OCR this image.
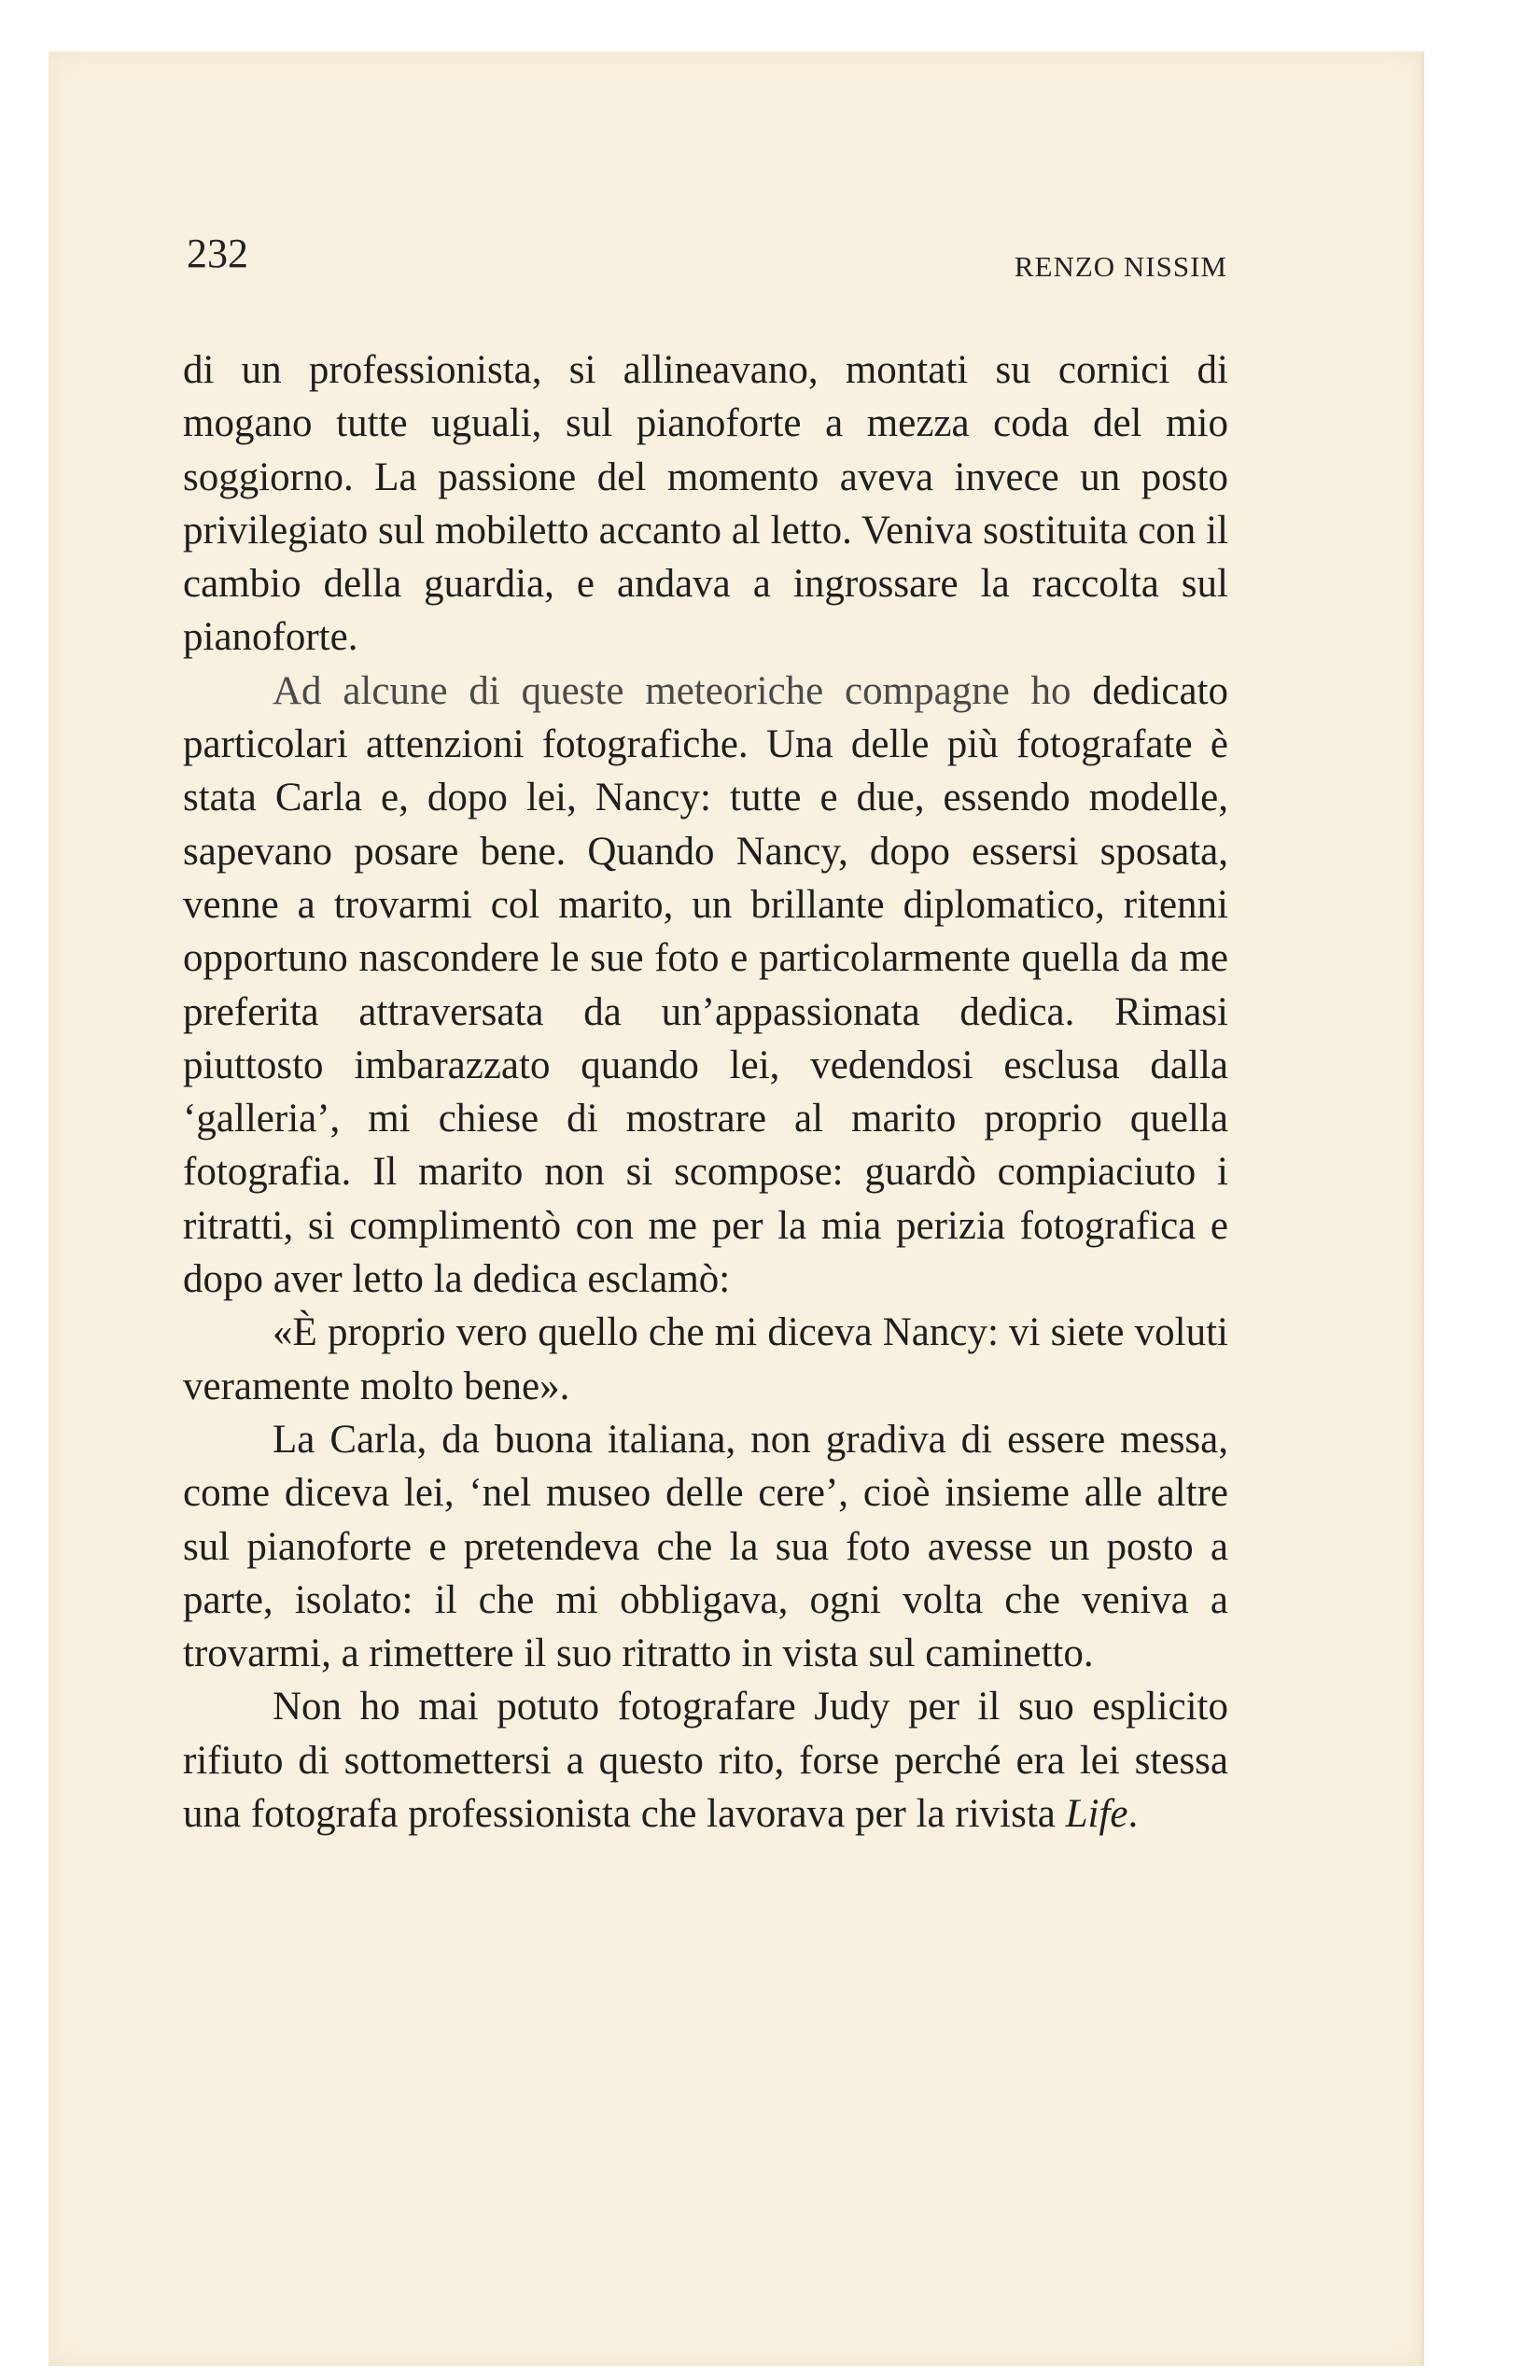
232	RENZO NISSIM

di un professionista, si allineavano, montati su cornici di mogano tutte uguali, sul pianoforte a mezza coda del mio soggiorno. La passione del momento aveva invece un posto privilegiato sul mobiletto accanto al letto. Veniva sostituita con il cambio della guardia, e andava a ingrossare la raccolta sul pianoforte.

Ad alcune di queste meteoriche compagne ho dedicato particolari attenzioni fotografiche. Una delle più fotografate è stata Carla e, dopo lei, Nancy: tutte e due, essendo modelle, sapevano posare bene. Quando Nancy, dopo essersi sposata, venne a trovarmi col marito, un brillante diplomatico, ritenni opportuno nascondere le sue foto e particolarmente quella da me preferita attraversata da un’appassionata dedica. Rimasi piuttosto imbarazzato quando lei, vedendosi esclusa dalla ‘galleria’, mi chiese di mostrare al marito proprio quella fotografia. Il marito non si scompose: guardò compiaciuto i ritratti, si complimentò con me per la mia perizia fotografica e dopo aver letto la dedica esclamò:

«È proprio vero quello che mi diceva Nancy: vi siete voluti veramente molto bene».

La Carla, da buona italiana, non gradiva di essere messa, come diceva lei, ‘nel museo delle cere’, cioè insieme alle altre sul pianoforte e pretendeva che la sua foto avesse un posto a parte, isolato: il che mi obbligava, ogni volta che veniva a trovarmi, a rimettere il suo ritratto in vista sul caminetto.

Non ho mai potuto fotografare Judy per il suo esplicito rifiuto di sottomettersi a questo rito, forse perché era lei stessa una fotografa professionista che lavorava per la rivista Life.
